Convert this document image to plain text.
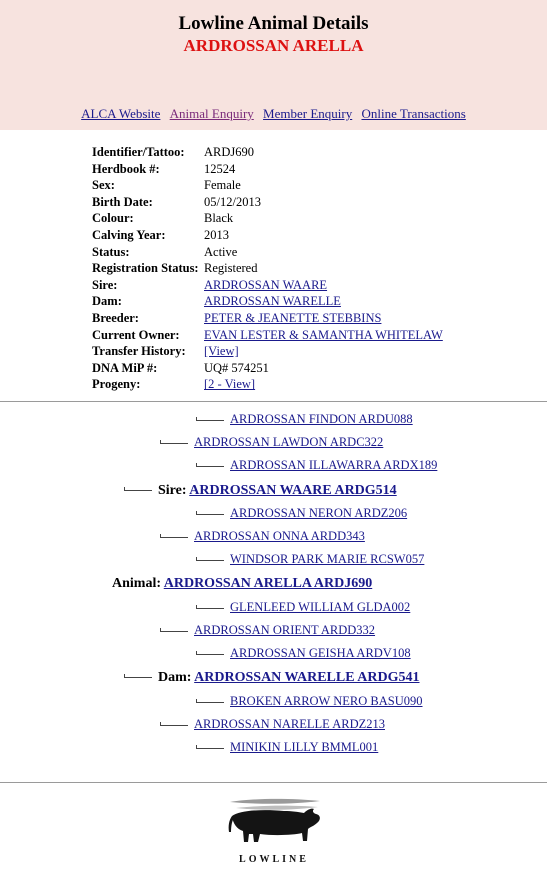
Lowline Animal Details
ARDROSSAN ARELLA
ALCA Website Animal Enquiry Member Enquiry Online Transactions
Identifier/Tattoo:	ARDJ690
Herdbook #:	12524
Sex:	Female
Birth Date:	05/12/2013
Colour:	Black
Calving Year:	2013
Status:	Active
Registration Status:	Registered
Sire:	ARDROSSAN WAARE
Dam:	ARDROSSAN WARELLE
Breeder:	PETER & JEANETTE STEBBINS
Current Owner:	EVAN LESTER & SAMANTHA WHITELAW
Transfer History:	[View]
DNA MiP #:	UQ# 574251
Progeny:	[2 - View]
ARDROSSAN FINDON ARDU088
ARDROSSAN LAWDON ARDC322
ARDROSSAN ILLAWARRA ARDX189
Sire: ARDROSSAN WAARE ARDG514
ARDROSSAN NERON ARDZ206
ARDROSSAN ONNA ARDD343
WINDSOR PARK MARIE RCSW057
Animal: ARDROSSAN ARELLA ARDJ690
GLENLEED WILLIAM GLDA002
ARDROSSAN ORIENT ARDD332
ARDROSSAN GEISHA ARDV108
Dam: ARDROSSAN WARELLE ARDG541
BROKEN ARROW NERO BASU090
ARDROSSAN NARELLE ARDZ213
MINIKIN LILLY BMML001
LOWLINE
